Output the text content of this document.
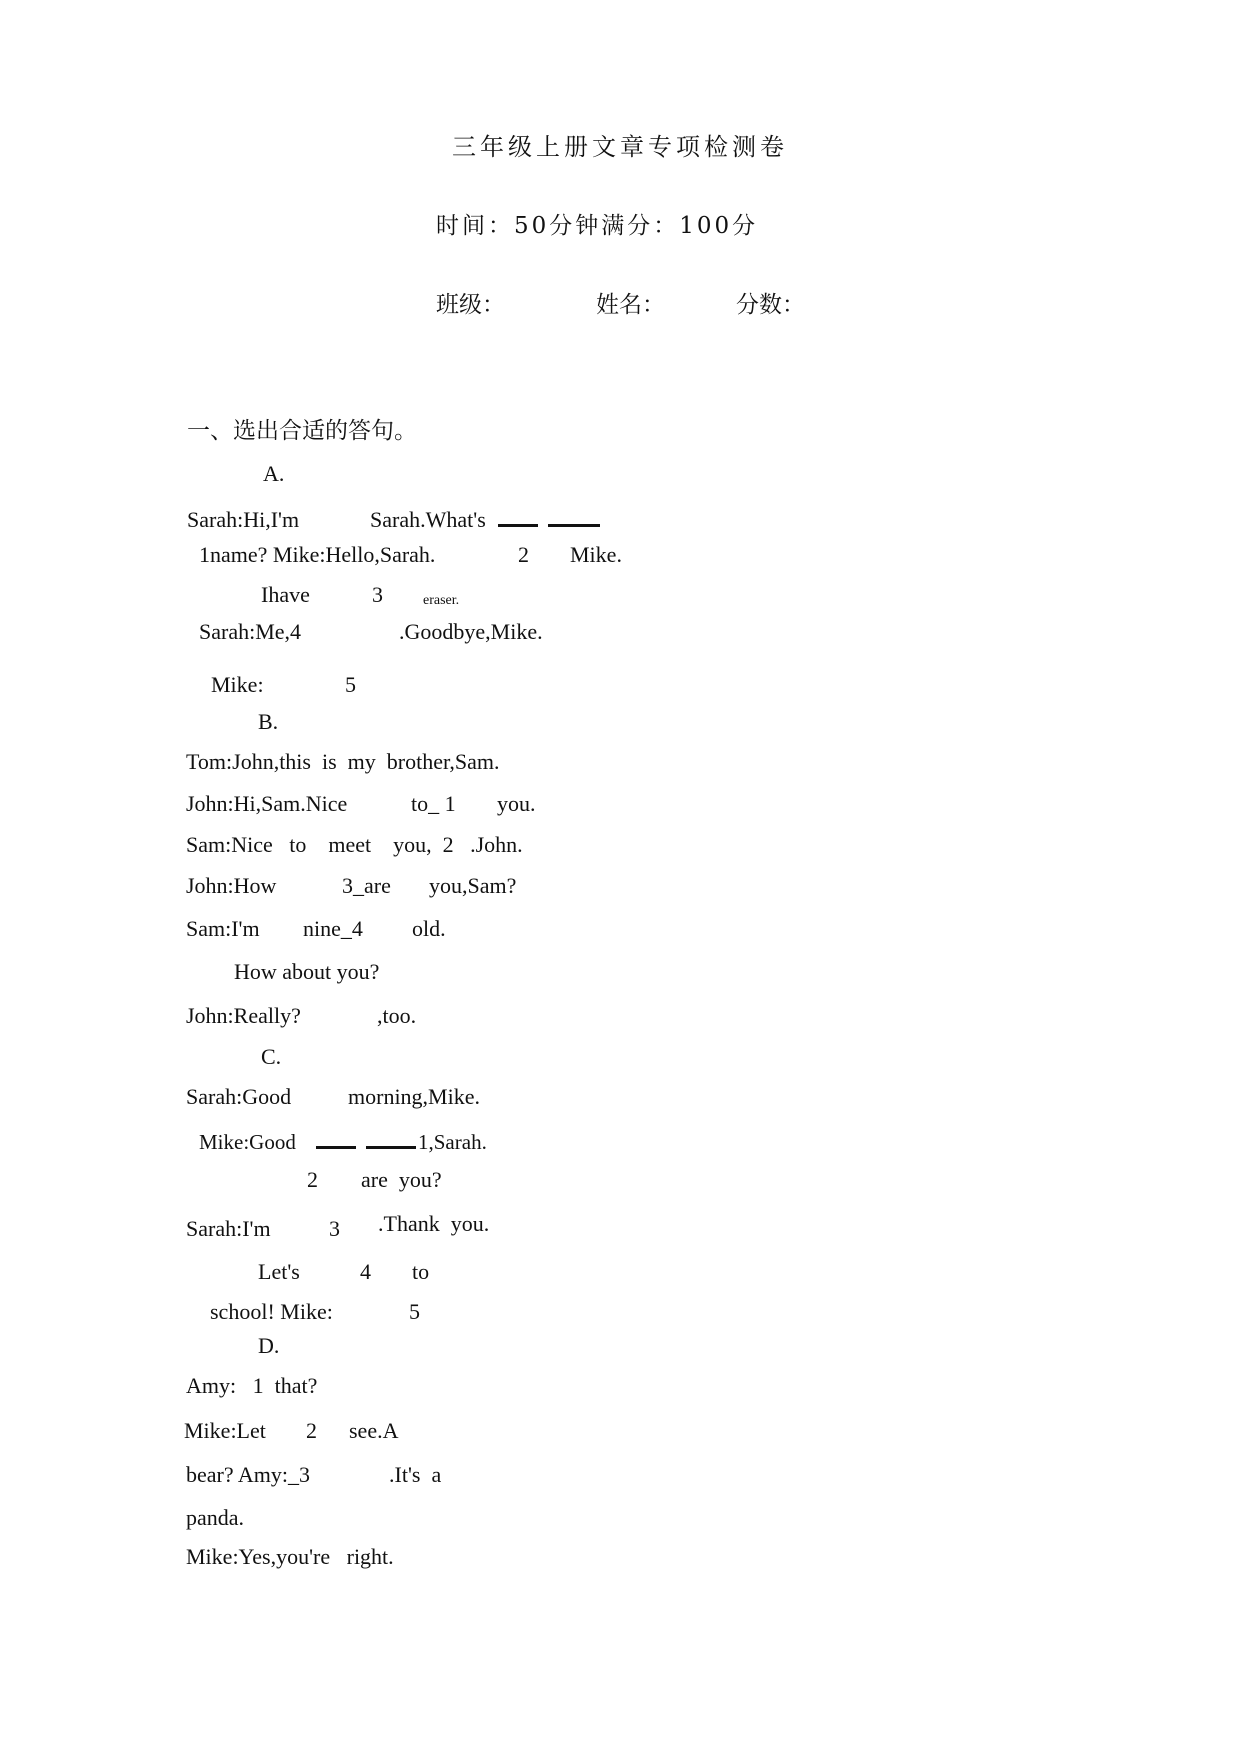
三年级上册文章专项检测卷
时间：50分钟满分：100分
班级：	姓名：	分数：
一、选出合适的答句。
A.
Sarah:Hi,I'm	Sarah.What's
1name? Mike:Hello,Sarah.	2 Mike.
Ihave	3	eraser.
Sarah:Me,4	.Goodbye,Mike.
Mike:	5
B.
Tom:John,this  is  my  brother,Sam.
John:Hi,Sam.Nice	to_ 1 you.
Sam:Nice   to    meet    you,  2   .John.
John:How	3_are you,Sam?
Sam:I'm nine_4 old.
How about you?
John:Really?	,too.
C.
Sarah:Good	morning,Mike.
Mike:Good	1,Sarah.
2 are  you?
Sarah:I'm	3 .Thank  you.
Let's	4 to
school! Mike:	5
D.
Amy:   1  that?
Mike:Let 2 see.A
bear? Amy:_3	.It's  a
panda.
Mike:Yes,you're   right.
